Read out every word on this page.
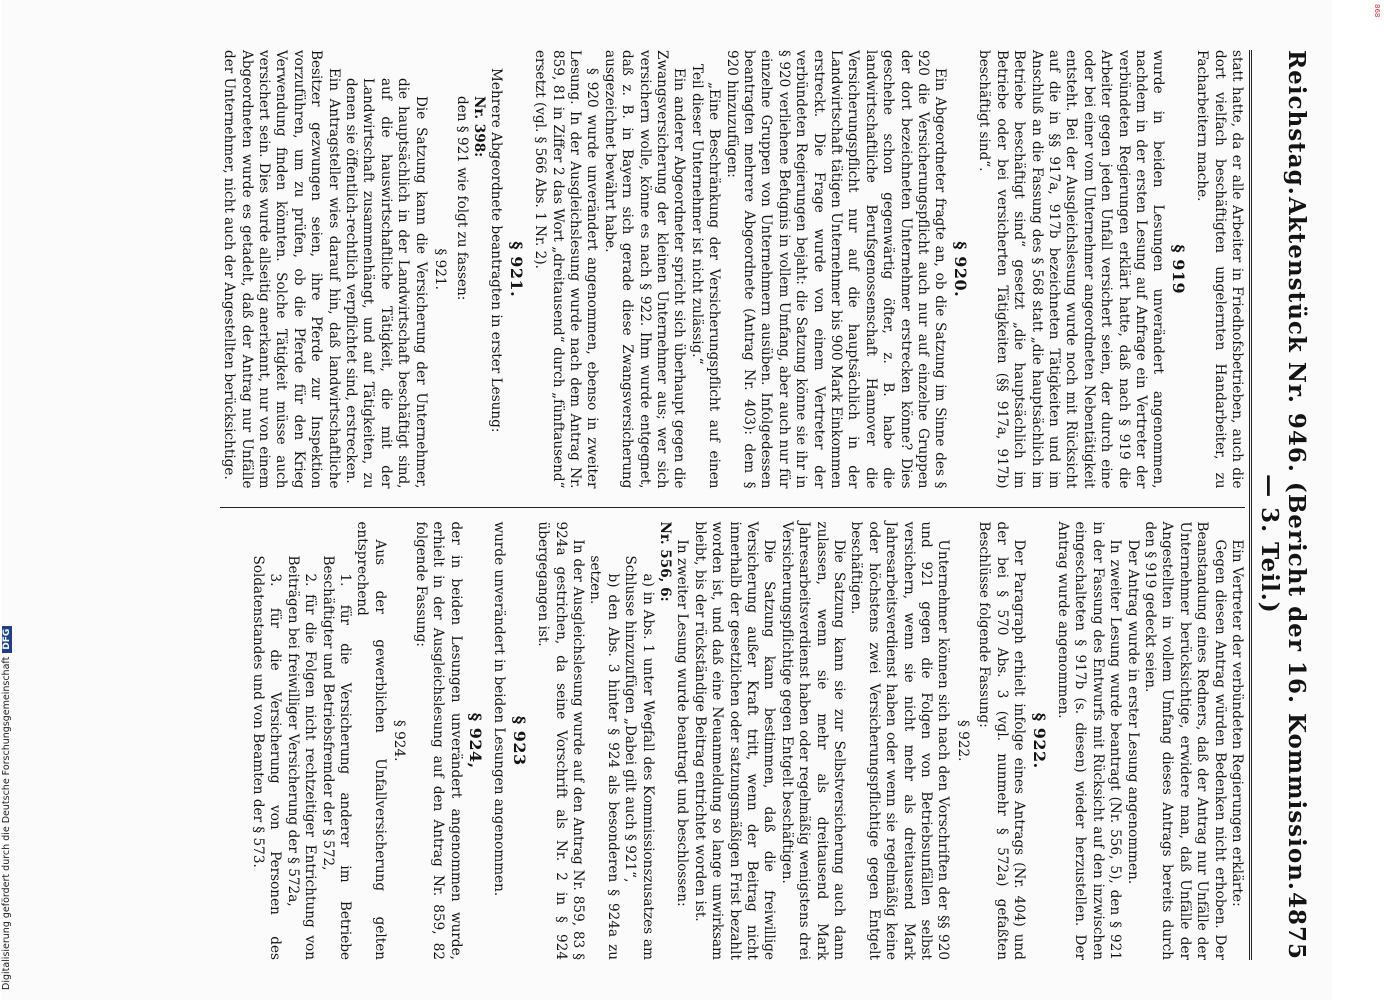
Reichstag.
Aktenstück Nr. 946. (Bericht der 16. Kommission. — 3. Teil.)
4875

statt hatte, da er alle Arbeiter in Friedhofsbetrieben, auch die dort vielfach beschäftigten ungelernten Handarbeiter, zu Facharbeitern mache.

§ 919

wurde in beiden Lesungen unverändert angenommen, nachdem in der ersten Lesung auf Anfrage ein Vertreter der verbündeten Regierungen erklärt hatte, daß nach § 919 die Arbeiter gegen jeden Unfall versichert seien, der durch eine oder bei einer vom Unternehmer angeordneten Nebentätigkeit entsteht. Bei der Ausgleichslesung wurde noch mit Rücksicht auf die in §§ 917a, 917b bezeichneten Tätigkeiten und im Anschluß an die Fassung des § 568 statt „die hauptsächlich im Betriebe beschäftigt sind“ gesetzt „die hauptsächlich im Betriebe oder bei versicherten Tätigkeiten (§§ 917a, 917b) beschäftigt sind“.

§ 920.

Ein Abgeordneter fragte an, ob die Satzung im Sinne des § 920 die Versicherungspflicht auch nur auf einzelne Gruppen der dort bezeichneten Unternehmer erstrecken könne? Dies geschehe schon gegenwärtig öfter, z. B. habe die landwirtschaftliche Berufsgenossenschaft Hannover die Versicherungspflicht nur auf die hauptsächlich in der Landwirtschaft tätigen Unternehmer bis 900 Mark Einkommen erstreckt. Die Frage wurde von einem Vertreter der verbündeten Regierungen bejaht: die Satzung könne sie ihr in § 920 verliehene Befugnis in vollem Umfang, aber auch nur für einzelne Gruppen von Unternehmern ausüben. Infolgedessen beantragten mehrere Abgeordnete (Antrag Nr. 403): dem § 920 hinzuzufügen:

„Eine Beschränkung der Versicherungspflicht auf einen Teil dieser Unternehmer ist nicht zulässig.“

Ein anderer Abgeordneter spricht sich überhaupt gegen die Zwangsversicherung der kleinen Unternehmer aus; wer sich versichern wolle, könne es nach § 922. Ihm wurde entgegnet, daß z. B. in Bayern sich gerade diese Zwangsversicherung ausgezeichnet bewährt habe.

§ 920 wurde unverändert angenommen, ebenso in zweiter Lesung. In der Ausgleichslesung wurde nach dem Antrag Nr. 859, 81 in Ziffer 2 das Wort „dreitausend“ durch „fünftausend“ ersetzt (vgl. § 566 Abs. 1 Nr. 2).

§ 921.

Mehrere Abgeordnete beantragten in erster Lesung:

Nr. 398:

den § 921 wie folgt zu fassen:

§ 921.

Die Satzung kann die Versicherung der Unternehmer, die hauptsächlich in der Landwirtschaft beschäftigt sind, auf die hauswirtschaftliche Tätigkeit, die mit der Landwirtschaft zusammenhängt, und auf Tätigkeiten, zu denen sie öffentlich-rechtlich verpflichtet sind, erstrecken.

Ein Antragsteller wies darauf hin, daß landwirtschaftliche Besitzer gezwungen seien, ihre Pferde zur Inspektion vorzuführen, um zu prüfen, ob die Pferde für den Krieg Verwendung finden könnten. Solche Tätigkeit müsse auch versichert sein. Dies wurde allseitig anerkannt, nur von einem Abgeordneten wurde es getadelt, daß der Antrag nur Unfälle der Unternehmer, nicht auch der Angestellten berücksichtige.

Ein Vertreter der verbündeten Regierungen erklärte:

Gegen diesen Antrag würden Bedenken nicht erhoben. Der Beanstandung eines Redners, daß der Antrag nur Unfälle der Unternehmer berücksichtige, erwidere man, daß Unfälle der Angestellten in vollem Umfang dieses Antrags bereits durch den § 919 gedeckt seien.

Der Antrag wurde in erster Lesung angenommen.

In zweiter Lesung wurde beantragt (Nr. 556, 5), den § 921 in der Fassung des Entwurfs mit Rücksicht auf den inzwischen eingeschalteten § 917b (s. diesen) wieder herzustellen. Der Antrag wurde angenommen.

§ 922.

Der Paragraph erhielt infolge eines Antrags (Nr. 404) und der bei § 570 Abs. 3 (vgl. nunmehr § 572a) gefaßten Beschlüsse folgende Fassung:

§ 922.

Unternehmer können sich nach den Vorschriften der §§ 920 und 921 gegen die Folgen von Betriebsunfällen selbst versichern, wenn sie nicht mehr als dreitausend Mark Jahresarbeitsverdienst haben oder wenn sie regelmäßig keine oder höchstens zwei Versicherungspflichtige gegen Entgelt beschäftigen.

Die Satzung kann sie zur Selbstversicherung auch dann zulassen, wenn sie mehr als dreitausend Mark Jahresarbeitsverdienst haben oder regelmäßig wenigstens drei Versicherungspflichtige gegen Entgelt beschäftigen.

Die Satzung kann bestimmen, daß die freiwillige Versicherung außer Kraft tritt, wenn der Beitrag nicht innerhalb der gesetzlichen oder satzungsmäßigen Frist bezahlt worden ist, und daß eine Neuanmeldung so lange unwirksam bleibt, bis der rückständige Beitrag entrichtet worden ist.

In zweiter Lesung wurde beantragt und beschlossen:

Nr. 556, 6:

a) in Abs. 1 unter Wegfall des Kommissionszusatzes am Schlusse hinzuzufügen „Dabei gilt auch § 921“,

b) den Abs. 3 hinter § 924 als besonderen § 924a zu setzen.

In der Ausgleichslesung wurde auf den Antrag Nr. 859, 83 § 924a gestrichen, da seine Vorschrift als Nr. 2 in § 924 übergegangen ist.

§ 923

wurde unverändert in beiden Lesungen angenommen.

§ 924,

der in beiden Lesungen unverändert angenommen wurde, erhielt in der Ausgleichslesung auf den Antrag Nr. 859, 82 folgende Fassung:

§ 924.

Aus der gewerblichen Unfallversicherung gelten entsprechend

1. für die Versicherung anderer im Betriebe Beschäftigter und Betriebsfremder der § 572,

2. für die Folgen nicht rechtzeitiger Entrichtung von Beiträgen bei freiwilliger Versicherung der § 572a,

3. für die Versicherung von Personen des Soldatenstandes und von Beamten der § 573.

Digitalisierung gefördert durch die Deutsche ForschungsgemeinschaftDFG
868
